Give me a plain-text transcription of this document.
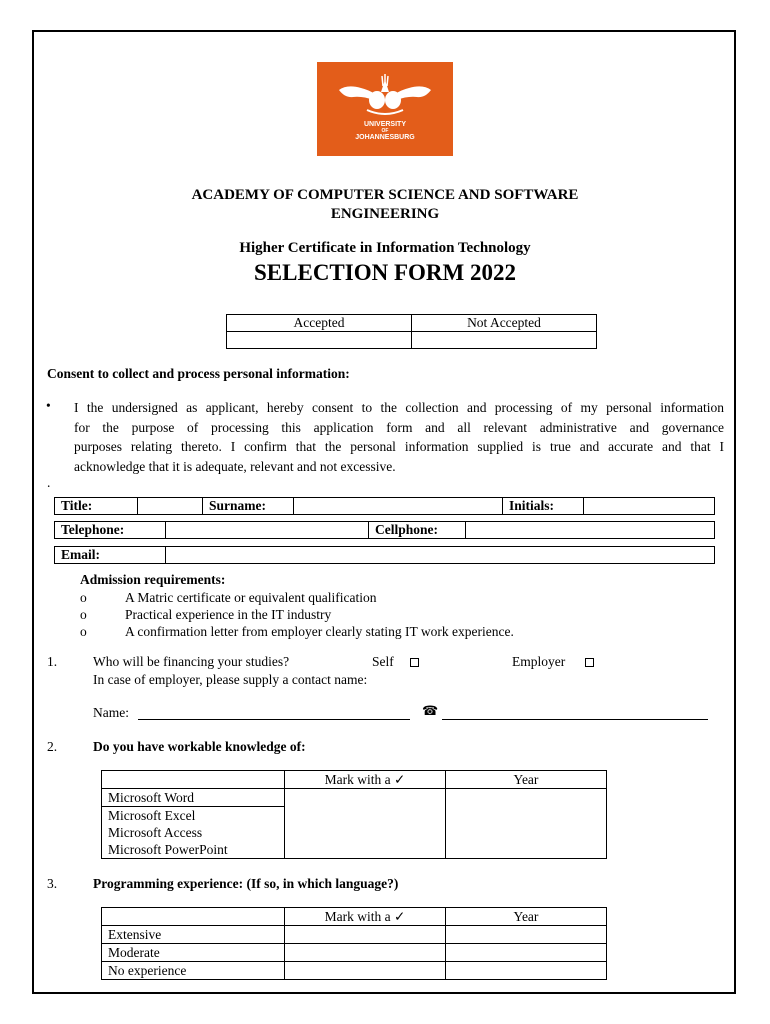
UNIVERSITY
OF
JOHANNESBURG
ACADEMY OF COMPUTER SCIENCE AND SOFTWARE
ENGINEERING
Higher Certificate in Information Technology
SELECTION FORM 2022
Accepted	Not Accepted

Consent to collect and process personal information:
• I the undersigned as applicant, hereby consent to the collection and processing of my personal information
for the purpose of processing this application form and all relevant administrative and governance
purposes relating thereto. I confirm that the personal information supplied is true and accurate and that I
acknowledge that it is adequate, relevant and not excessive.
.
Title:		Surname:		Initials:	
Telephone:		Cellphone:	
Email:	
Admission requirements:
o	A Matric certificate or equivalent qualification
o	Practical experience in the IT industry
o	A confirmation letter from employer clearly stating IT work experience.
1.	Who will be financing your studies?	Self	Employer
In case of employer, please supply a contact name:
Name:	☎
2.	Do you have workable knowledge of:
	Mark with a ✓	Year
Microsoft Word		
Microsoft Excel		
Microsoft Access		
Microsoft PowerPoint		
3.	Programming experience: (If so, in which language?)
	Mark with a ✓	Year
Extensive		
Moderate		
No experience		
